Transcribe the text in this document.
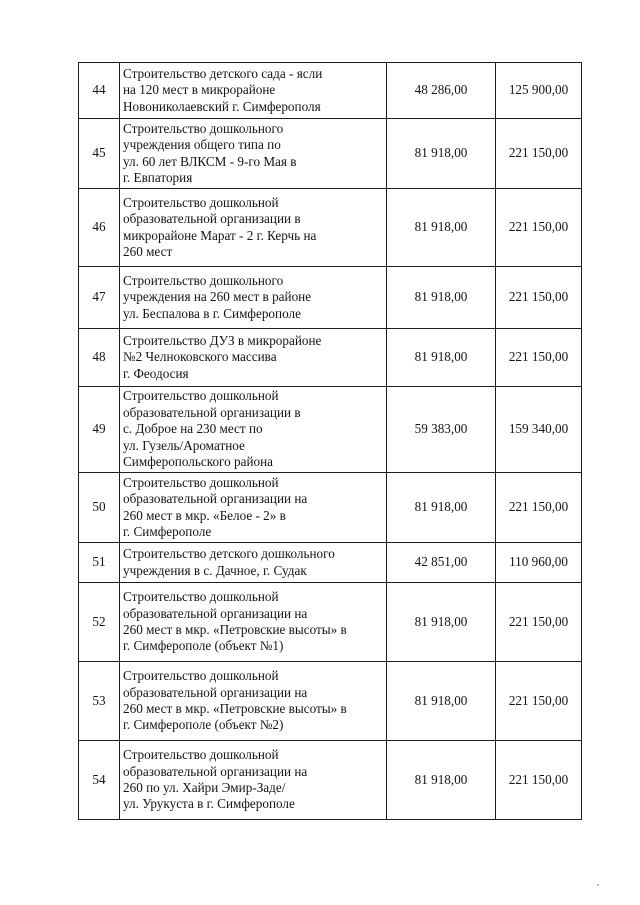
44	Строительство детского сада - ясли
на 120 мест в микрорайоне
Новониколаевский г. Симферополя	48 286,00	125 900,00
45	Строительство дошкольного
учреждения общего типа по
ул. 60 лет ВЛКСМ - 9-го Мая в
г. Евпатория	81 918,00	221 150,00
46	Строительство дошкольной
образовательной организации в
микрорайоне Марат - 2 г. Керчь на
260 мест	81 918,00	221 150,00
47	Строительство дошкольного
учреждения на 260 мест в районе
ул. Беспалова в г. Симферополе	81 918,00	221 150,00
48	Строительство ДУЗ в микрорайоне
№2 Челноковского массива
г. Феодосия	81 918,00	221 150,00
49	Строительство дошкольной
образовательной организации в
с. Доброе на 230 мест по
ул. Гузель/Ароматное
Симферопольского района	59 383,00	159 340,00
50	Строительство дошкольной
образовательной организации на
260 мест в мкр. «Белое - 2» в
г. Симферополе	81 918,00	221 150,00
51	Строительство детского дошкольного
учреждения в с. Дачное, г. Судак	42 851,00	110 960,00
52	Строительство дошкольной
образовательной организации на
260 мест в мкр. «Петровские высоты» в
г. Симферополе (объект №1)	81 918,00	221 150,00
53	Строительство дошкольной
образовательной организации на
260 мест в мкр. «Петровские высоты» в
г. Симферополе (объект №2)	81 918,00	221 150,00
54	Строительство дошкольной
образовательной организации на
260 по ул. Хайри Эмир-Заде/
ул. Урукуста в г. Симферополе	81 918,00	221 150,00
